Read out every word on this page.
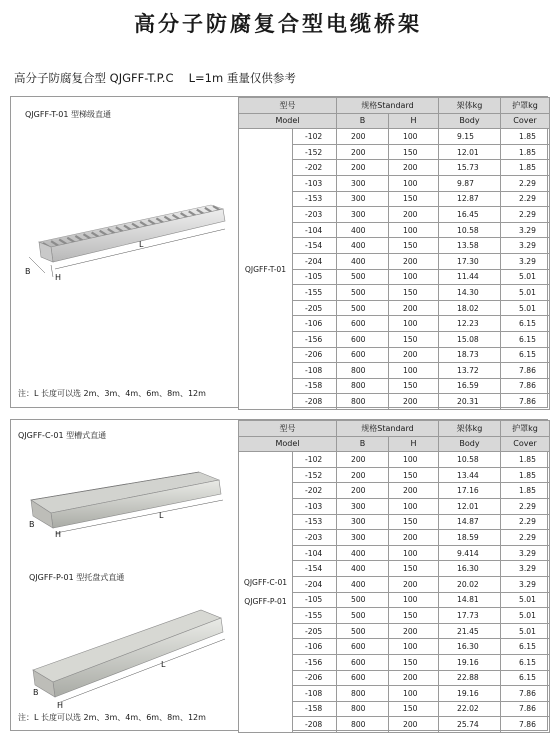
高分子防腐复合型电缆桥架
高分子防腐复合型 QJGFF-T.P.C　 L=1m 重量仅供参考
QJGFF-T-01 型梯级直通
B
H
L
注：L 长度可以选 2m、3m、4m、6m、8m、12m
型号		规格Standard		架体kg	护罩kg
Model		B	H	Body	Cover
QJGFF-T-01	-102	200	100	9.15	1.85
	-152	200	150	12.01	1.85
	-202	200	200	15.73	1.85
	-103	300	100	9.87	2.29
	-153	300	150	12.87	2.29
	-203	300	200	16.45	2.29
	-104	400	100	10.58	3.29
	-154	400	150	13.58	3.29
	-204	400	200	17.30	3.29
	-105	500	100	11.44	5.01
	-155	500	150	14.30	5.01
	-205	500	200	18.02	5.01
	-106	600	100	12.23	6.15
	-156	600	150	15.08	6.15
	-206	600	200	18.73	6.15
	-108	800	100	13.72	7.86
	-158	800	150	16.59	7.86
	-208	800	200	20.31	7.86
QJGFF-C-01 型槽式直通
B
H
L
QJGFF-P-01 型托盘式直通
B
H
L
注：L 长度可以选 2m、3m、4m、6m、8m、12m
型号		规格Standard		架体kg	护罩kg
Model		B	H	Body	Cover

QJGFF-C-01
QJGFF-P-01	-102	200	100	10.58	1.85
	-152	200	150	13.44	1.85
	-202	200	200	17.16	1.85
	-103	300	100	12.01	2.29
	-153	300	150	14.87	2.29
	-203	300	200	18.59	2.29
	-104	400	100	9.414	3.29
	-154	400	150	16.30	3.29
	-204	400	200	20.02	3.29
	-105	500	100	14.81	5.01
	-155	500	150	17.73	5.01
	-205	500	200	21.45	5.01
	-106	600	100	16.30	6.15
	-156	600	150	19.16	6.15
	-206	600	200	22.88	6.15
	-108	800	100	19.16	7.86
	-158	800	150	22.02	7.86
	-208	800	200	25.74	7.86
